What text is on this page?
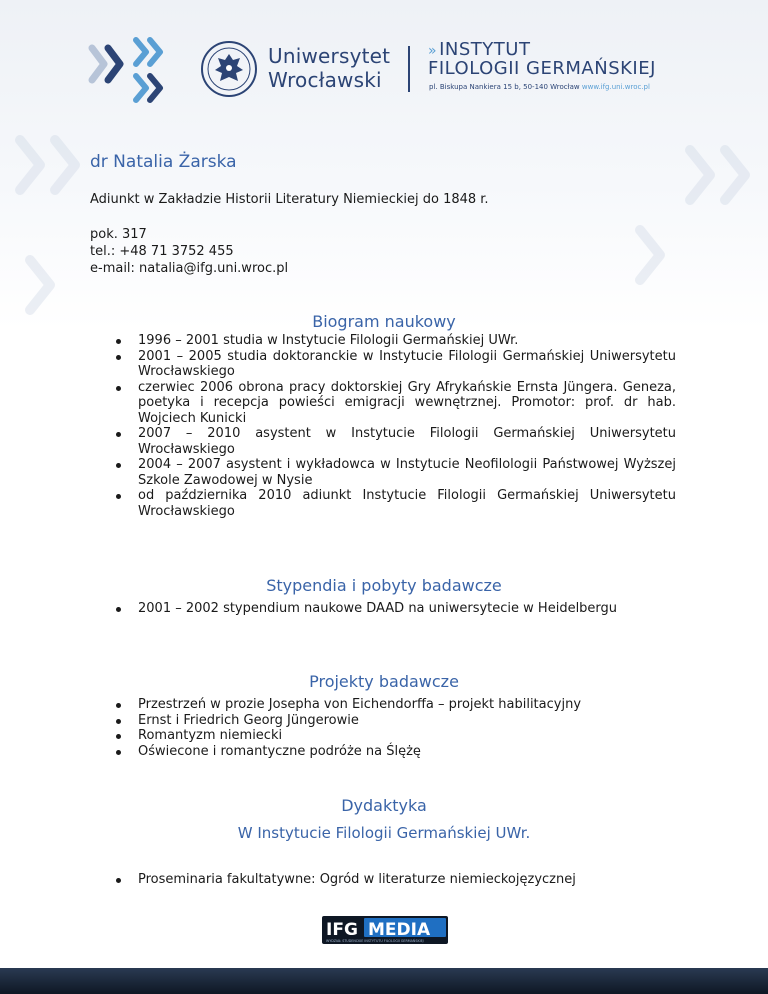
Uniwersytet
Wrocławski
» INSTYTUT
FILOLOGII GERMAŃSKIEJ
pl. Biskupa Nankiera 15 b, 50-140 Wrocław www.ifg.uni.wroc.pl
dr Natalia Żarska
Adiunkt w Zakładzie Historii Literatury Niemieckiej do 1848 r.
pok. 317
tel.: +48 71 3752 455
e-mail: natalia@ifg.uni.wroc.pl
Biogram naukowy
1996 – 2001 studia w Instytucie Filologii Germańskiej UWr.
2001 – 2005 studia doktoranckie w Instytucie Filologii Germańskiej Uniwersytetu Wrocławskiego
czerwiec 2006 obrona pracy doktorskiej Gry Afrykańskie Ernsta Jüngera. Geneza, poetyka i recepcja powieści emigracji wewnętrznej. Promotor: prof. dr hab. Wojciech Kunicki
2007 – 2010 asystent w Instytucie Filologii Germańskiej Uniwersytetu Wrocławskiego
2004 – 2007 asystent i wykładowca w Instytucie Neofilologii Państwowej Wyższej Szkole Zawodowej w Nysie
od października 2010 adiunkt Instytucie Filologii Germańskiej Uniwersytetu Wrocławskiego
Stypendia i pobyty badawcze
2001 – 2002 stypendium naukowe DAAD na uniwersytecie w Heidelbergu
Projekty badawcze
Przestrzeń w prozie Josepha von Eichendorffa – projekt habilitacyjny
Ernst i Friedrich Georg Jüngerowie
Romantyzm niemiecki
Oświecone i romantyczne podróże na Ślężę
Dydaktyka
W Instytucie Filologii Germańskiej UWr.
Proseminaria fakultatywne: Ogród w literaturze niemieckojęzycznej
IFG MEDIA
WYDZIAŁ STUDENCKIE INSTYTUTU FILOLOGII GERMAŃSKIEJ
